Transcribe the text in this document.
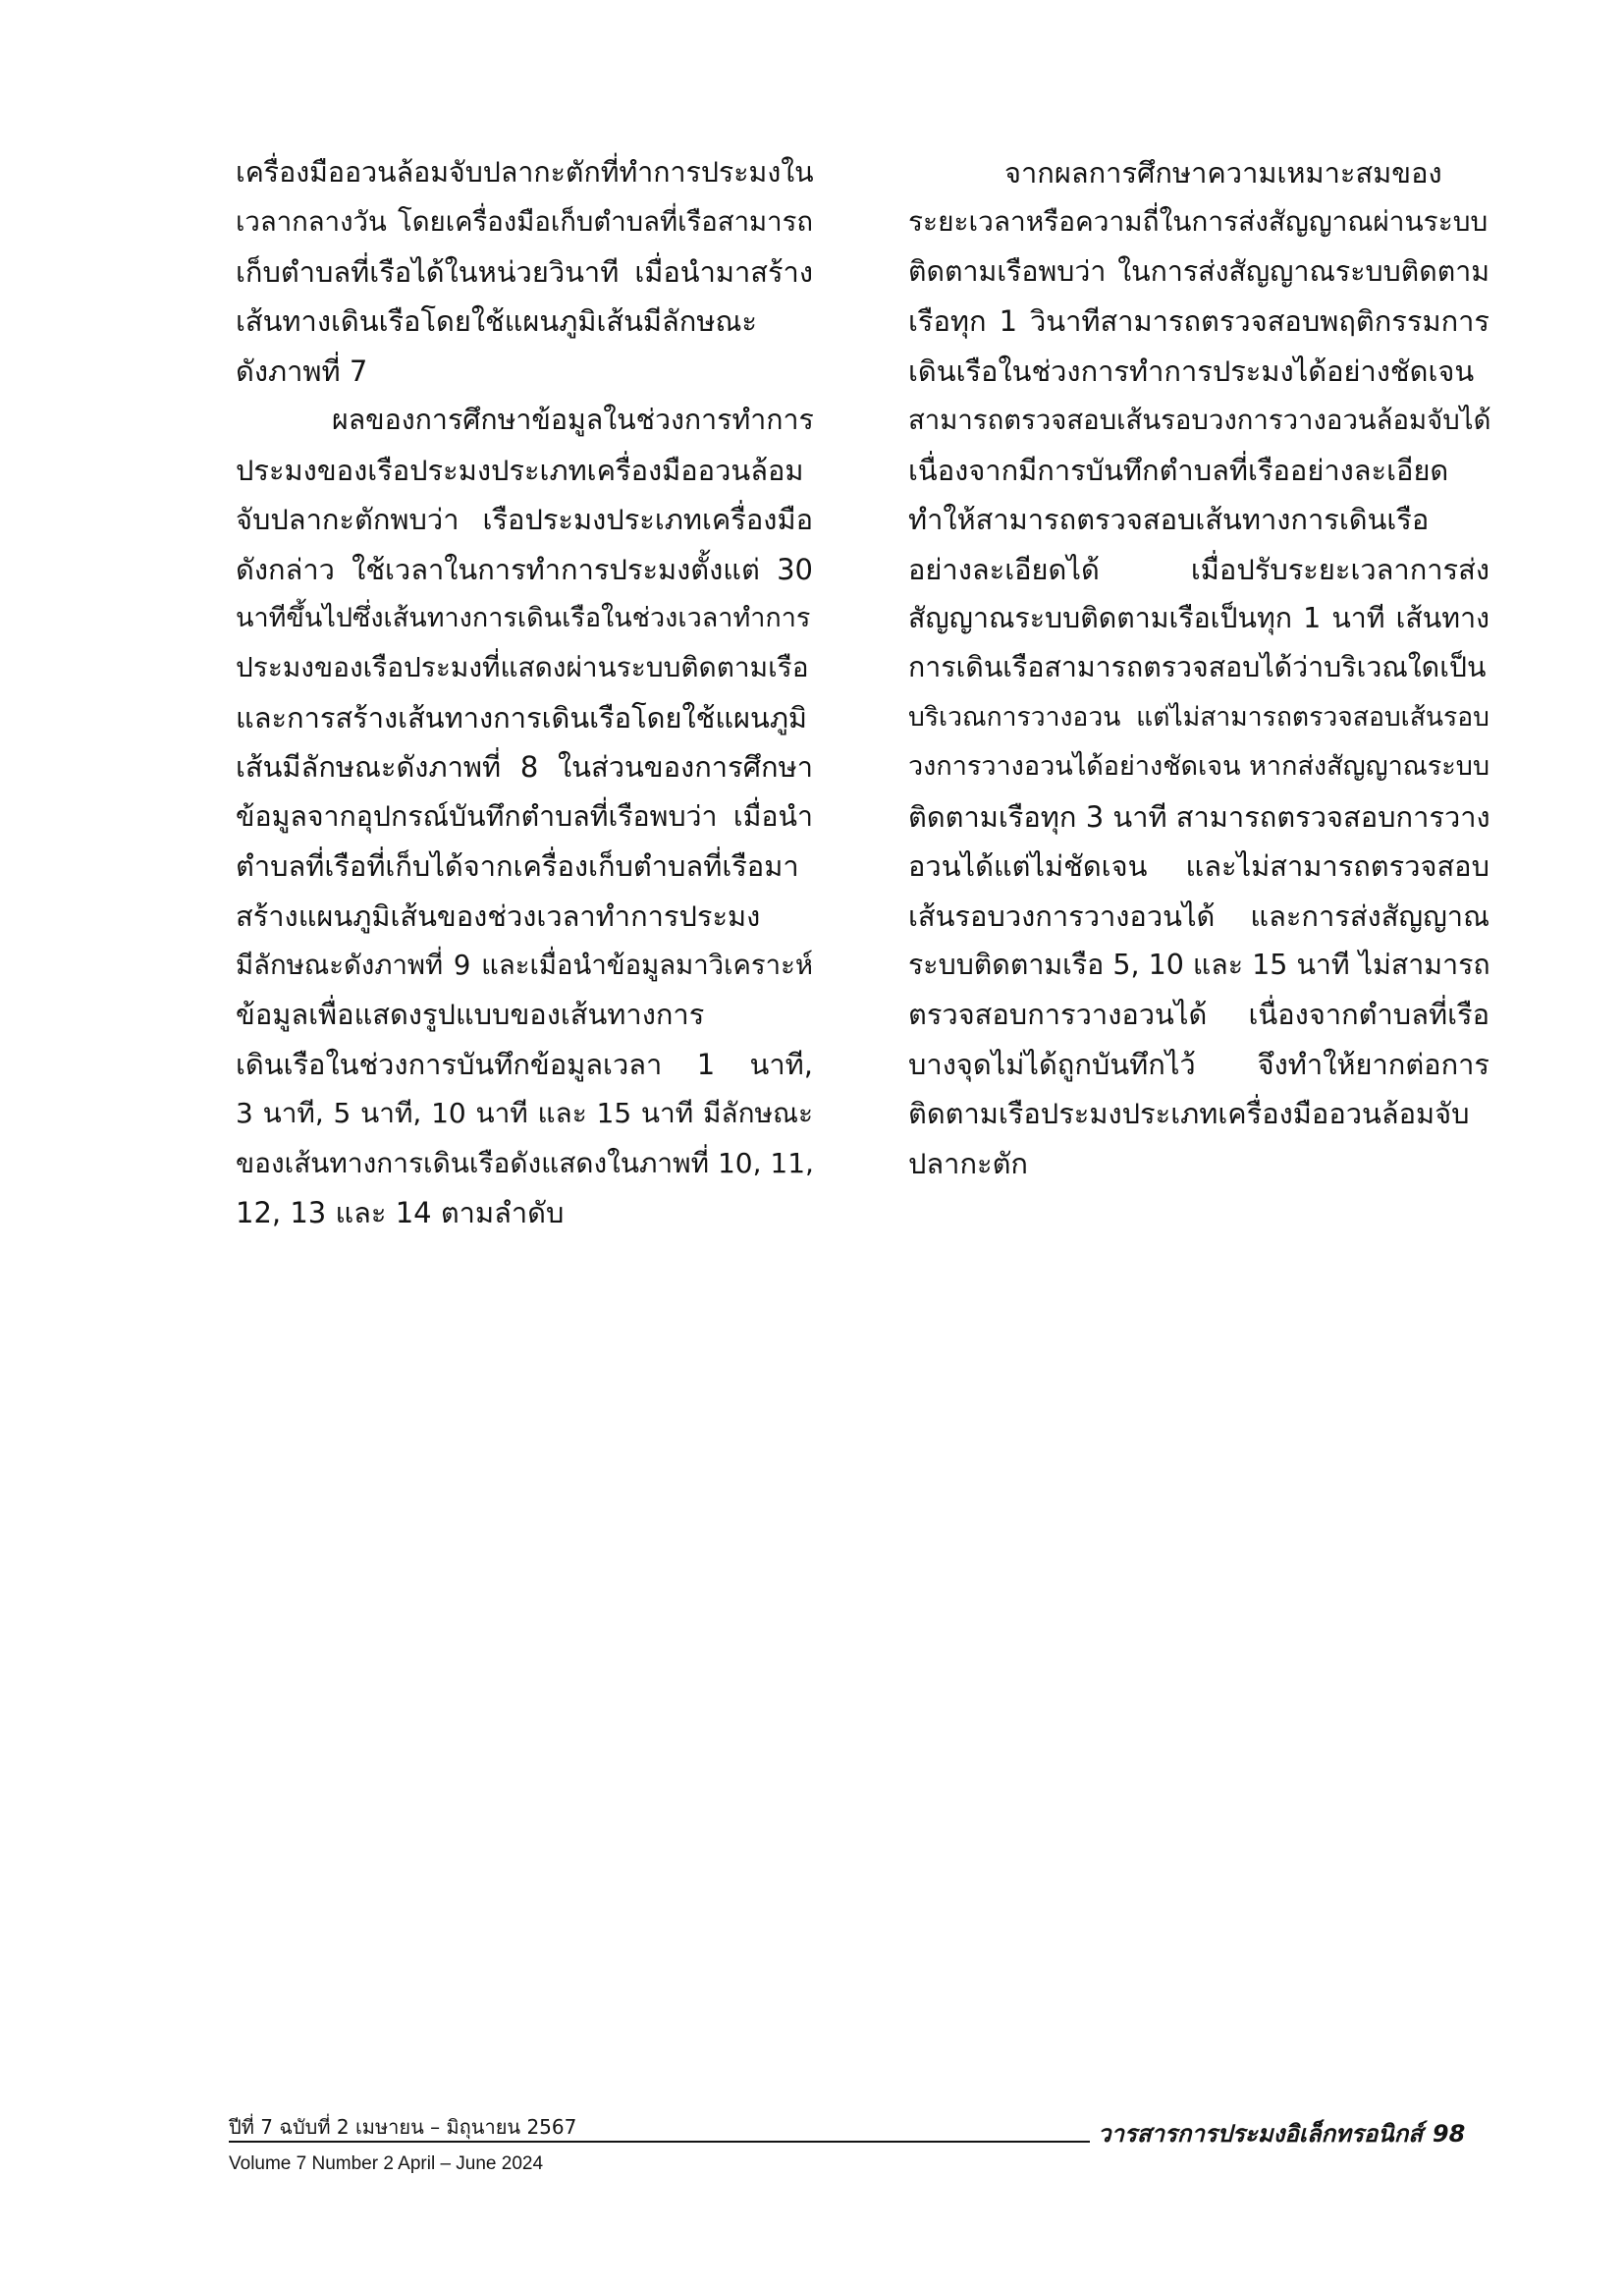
เครื่องมืออวนล้อมจับปลากะตักที่ทำการประมงใน
เวลากลางวัน โดยเครื่องมือเก็บตำบลที่เรือสามารถ
เก็บตำบลที่เรือได้ในหน่วยวินาที เมื่อนำมาสร้าง
เส้นทางเดินเรือโดยใช้แผนภูมิเส้นมีลักษณะ
ดังภาพที่ 7
ผลของการศึกษาข้อมูลในช่วงการทำการ
ประมงของเรือประมงประเภทเครื่องมืออวนล้อม
จับปลากะตักพบว่า เรือประมงประเภทเครื่องมือ
ดังกล่าว ใช้เวลาในการทำการประมงตั้งแต่ 30
นาทีขึ้นไปซึ่งเส้นทางการเดินเรือในช่วงเวลาทำการ
ประมงของเรือประมงที่แสดงผ่านระบบติดตามเรือ
และการสร้างเส้นทางการเดินเรือโดยใช้แผนภูมิ
เส้นมีลักษณะดังภาพที่ 8 ในส่วนของการศึกษา
ข้อมูลจากอุปกรณ์บันทึกตำบลที่เรือพบว่า เมื่อนำ
ตำบลที่เรือที่เก็บได้จากเครื่องเก็บตำบลที่เรือมา
สร้างแผนภูมิเส้นของช่วงเวลาทำการประมง
มีลักษณะดังภาพที่ 9 และเมื่อนำข้อมูลมาวิเคราะห์
ข้อมูลเพื่อแสดงรูปแบบของเส้นทางการ
เดินเรือในช่วงการบันทึกข้อมูลเวลา 1 นาที,
3 นาที, 5 นาที, 10 นาที และ 15 นาที มีลักษณะ
ของเส้นทางการเดินเรือดังแสดงในภาพที่ 10, 11,
12, 13 และ 14 ตามลำดับ
จากผลการศึกษาความเหมาะสมของ
ระยะเวลาหรือความถี่ในการส่งสัญญาณผ่านระบบ
ติดตามเรือพบว่า ในการส่งสัญญาณระบบติดตาม
เรือทุก 1 วินาทีสามารถตรวจสอบพฤติกรรมการ
เดินเรือในช่วงการทำการประมงได้อย่างชัดเจน
สามารถตรวจสอบเส้นรอบวงการวางอวนล้อมจับได้
เนื่องจากมีการบันทึกตำบลที่เรืออย่างละเอียด
ทำให้สามารถตรวจสอบเส้นทางการเดินเรือ
อย่างละเอียดได้ เมื่อปรับระยะเวลาการส่ง
สัญญาณระบบติดตามเรือเป็นทุก 1 นาที เส้นทาง
การเดินเรือสามารถตรวจสอบได้ว่าบริเวณใดเป็น
บริเวณการวางอวน แต่ไม่สามารถตรวจสอบเส้นรอบ
วงการวางอวนได้อย่างชัดเจน หากส่งสัญญาณระบบ
ติดตามเรือทุก 3 นาที สามารถตรวจสอบการวาง
อวนได้แต่ไม่ชัดเจน และไม่สามารถตรวจสอบ
เส้นรอบวงการวางอวนได้ และการส่งสัญญาณ
ระบบติดตามเรือ 5, 10 และ 15 นาที ไม่สามารถ
ตรวจสอบการวางอวนได้ เนื่องจากตำบลที่เรือ
บางจุดไม่ได้ถูกบันทึกไว้ จึงทำให้ยากต่อการ
ติดตามเรือประมงประเภทเครื่องมืออวนล้อมจับ
ปลากะตัก
ปีที่ 7 ฉบับที่ 2 เมษายน – มิถุนายน 2567	วารสารการประมงอิเล็กทรอนิกส์ 98
Volume 7 Number 2 April – June 2024
